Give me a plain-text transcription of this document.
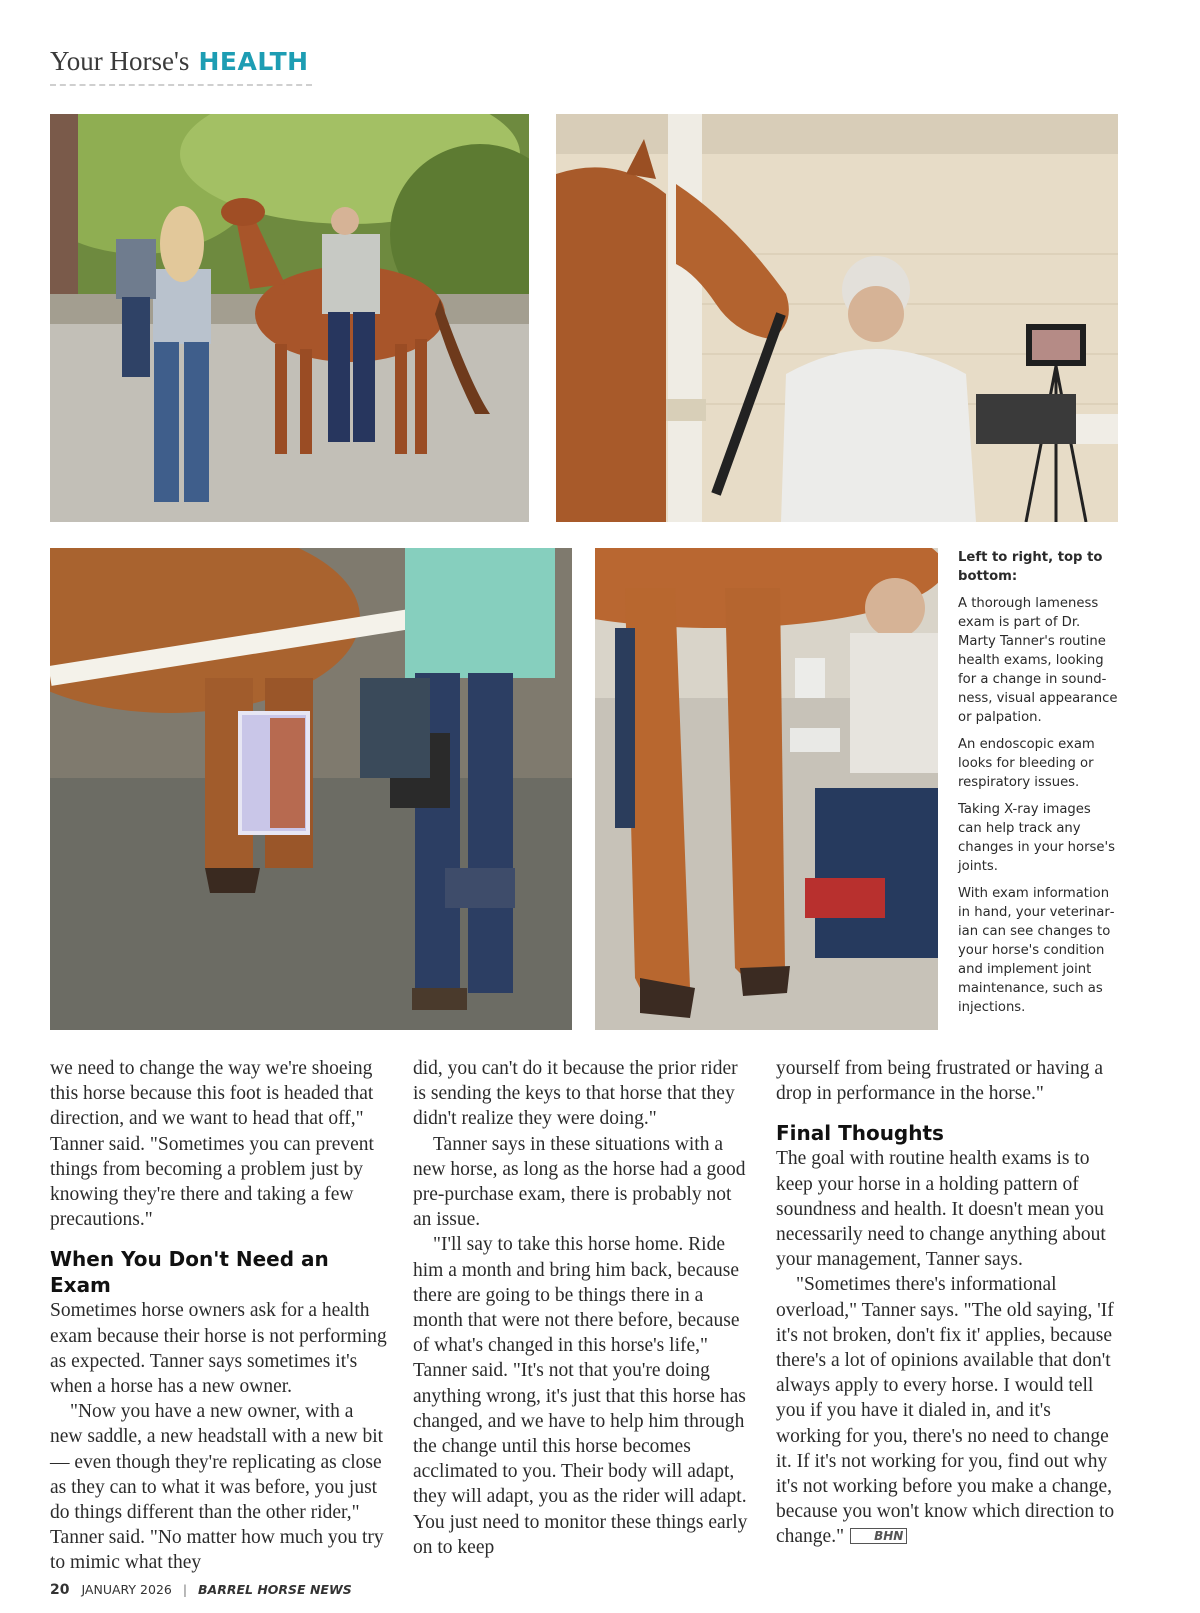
Your Horse's HEALTH

Left to right, top to bottom:

A thorough lameness exam is part of Dr. Marty Tanner's routine health exams, looking for a change in soundness, visual appearance or palpation.

An endoscopic exam looks for bleeding or respiratory issues.

Taking X-ray images can help track any changes in your horse's joints.

With exam information in hand, your veterinarian can see changes to your horse's condition and implement joint maintenance, such as injections.

we need to change the way we're shoeing this horse because this foot is headed that direction, and we want to head that off," Tanner said. "Sometimes you can prevent things from becoming a problem just by knowing they're there and taking a few precautions."

When You Don't Need an Exam

Sometimes horse owners ask for a health exam because their horse is not performing as expected. Tanner says sometimes it's when a horse has a new owner.

"Now you have a new owner, with a new saddle, a new headstall with a new bit — even though they're replicating as close as they can to what it was before, you just do things different than the other rider," Tanner said. "No matter how much you try to mimic what they

did, you can't do it because the prior rider is sending the keys to that horse that they didn't realize they were doing."

Tanner says in these situations with a new horse, as long as the horse had a good pre-purchase exam, there is probably not an issue.

"I'll say to take this horse home. Ride him a month and bring him back, because there are going to be things there in a month that were not there before, because of what's changed in this horse's life," Tanner said. "It's not that you're doing anything wrong, it's just that this horse has changed, and we have to help him through the change until this horse becomes acclimated to you. Their body will adapt, they will adapt, you as the rider will adapt. You just need to monitor these things early on to keep

yourself from being frustrated or having a drop in performance in the horse."

Final Thoughts

The goal with routine health exams is to keep your horse in a holding pattern of soundness and health. It doesn't mean you necessarily need to change anything about your management, Tanner says.

"Sometimes there's informational overload," Tanner says. "The old saying, 'If it's not broken, don't fix it' applies, because there's a lot of opinions available that don't always apply to every horse. I would tell you if you have it dialed in, and it's working for you, there's no need to change it. If it's not working for you, find out why it's not working before you make a change, because you won't know which direction to change."	BHN

20 JANUARY 2026 | BARREL HORSE NEWS
